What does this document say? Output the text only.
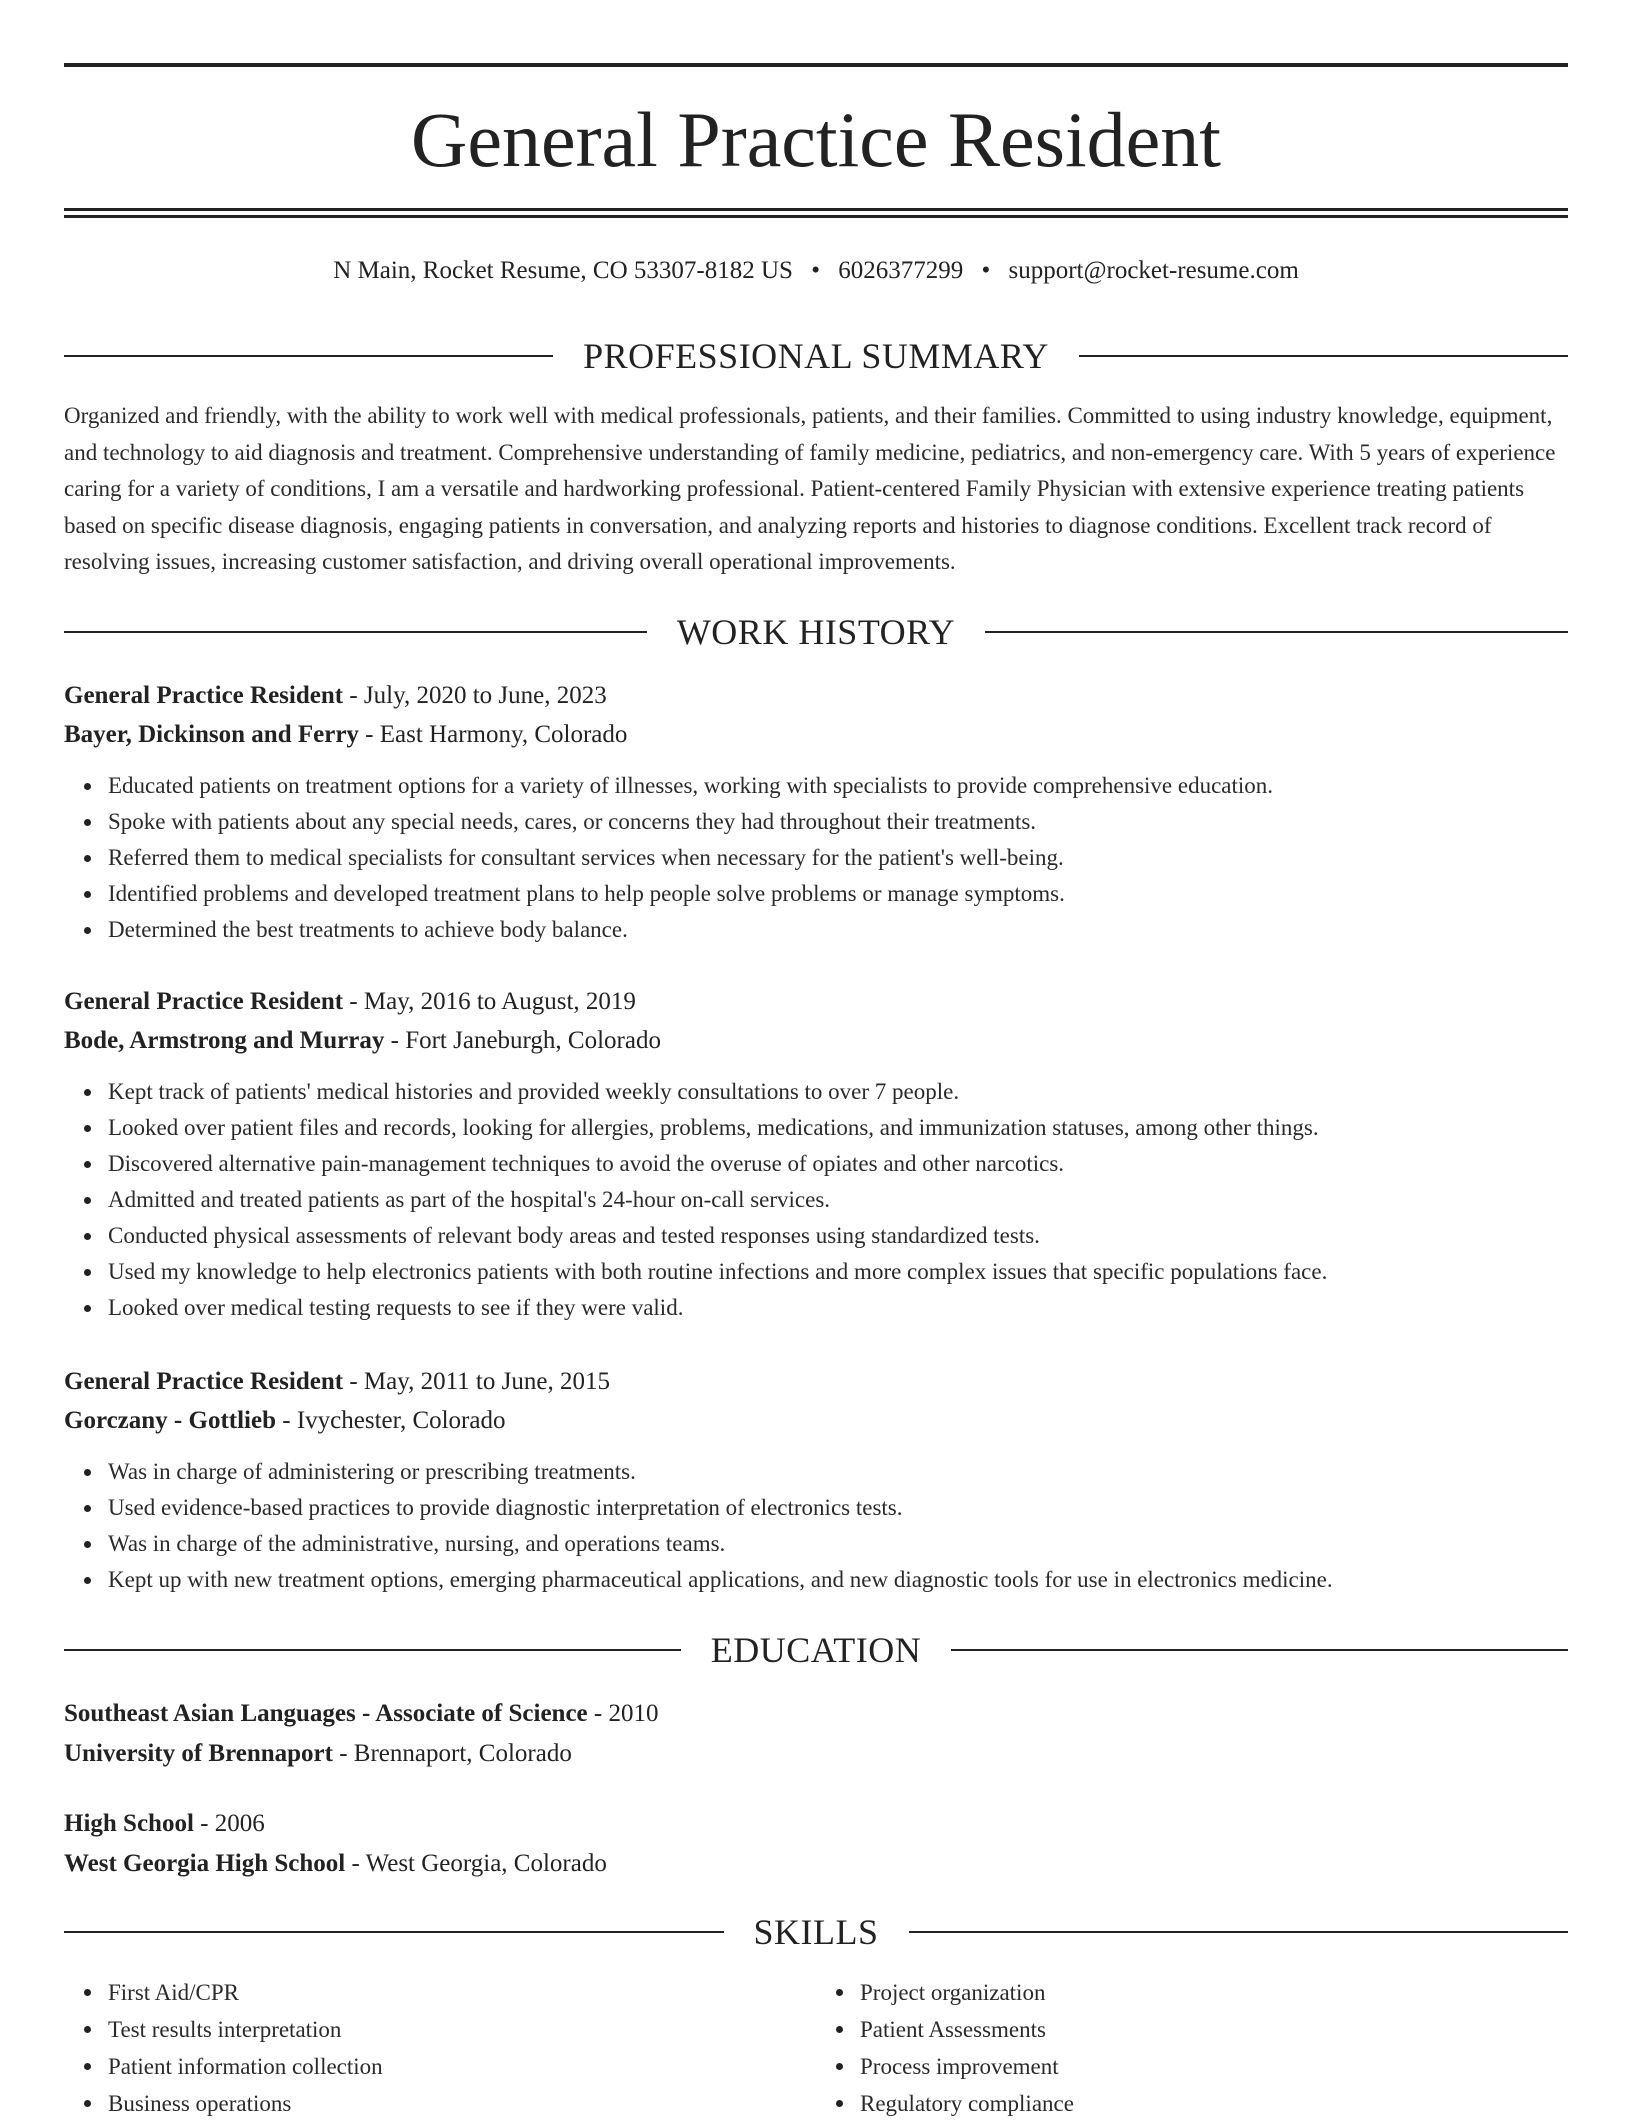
General Practice Resident
N Main, Rocket Resume, CO 53307-8182 US • 6026377299 • support@rocket-resume.com
PROFESSIONAL SUMMARY
Organized and friendly, with the ability to work well with medical professionals, patients, and their families. Committed to using industry knowledge, equipment, and technology to aid diagnosis and treatment. Comprehensive understanding of family medicine, pediatrics, and non-emergency care. With 5 years of experience caring for a variety of conditions, I am a versatile and hardworking professional. Patient-centered Family Physician with extensive experience treating patients based on specific disease diagnosis, engaging patients in conversation, and analyzing reports and histories to diagnose conditions. Excellent track record of resolving issues, increasing customer satisfaction, and driving overall operational improvements.
WORK HISTORY
General Practice Resident - July, 2020 to June, 2023
Bayer, Dickinson and Ferry - East Harmony, Colorado
Educated patients on treatment options for a variety of illnesses, working with specialists to provide comprehensive education.
Spoke with patients about any special needs, cares, or concerns they had throughout their treatments.
Referred them to medical specialists for consultant services when necessary for the patient's well-being.
Identified problems and developed treatment plans to help people solve problems or manage symptoms.
Determined the best treatments to achieve body balance.
General Practice Resident - May, 2016 to August, 2019
Bode, Armstrong and Murray - Fort Janeburgh, Colorado
Kept track of patients' medical histories and provided weekly consultations to over 7 people.
Looked over patient files and records, looking for allergies, problems, medications, and immunization statuses, among other things.
Discovered alternative pain-management techniques to avoid the overuse of opiates and other narcotics.
Admitted and treated patients as part of the hospital's 24-hour on-call services.
Conducted physical assessments of relevant body areas and tested responses using standardized tests.
Used my knowledge to help electronics patients with both routine infections and more complex issues that specific populations face.
Looked over medical testing requests to see if they were valid.
General Practice Resident - May, 2011 to June, 2015
Gorczany - Gottlieb - Ivychester, Colorado
Was in charge of administering or prescribing treatments.
Used evidence-based practices to provide diagnostic interpretation of electronics tests.
Was in charge of the administrative, nursing, and operations teams.
Kept up with new treatment options, emerging pharmaceutical applications, and new diagnostic tools for use in electronics medicine.
EDUCATION
Southeast Asian Languages - Associate of Science - 2010
University of Brennaport - Brennaport, Colorado
High School - 2006
West Georgia High School - West Georgia, Colorado
SKILLS
First Aid/CPR
Test results interpretation
Patient information collection
Business operations
Project organization
Patient Assessments
Process improvement
Regulatory compliance
